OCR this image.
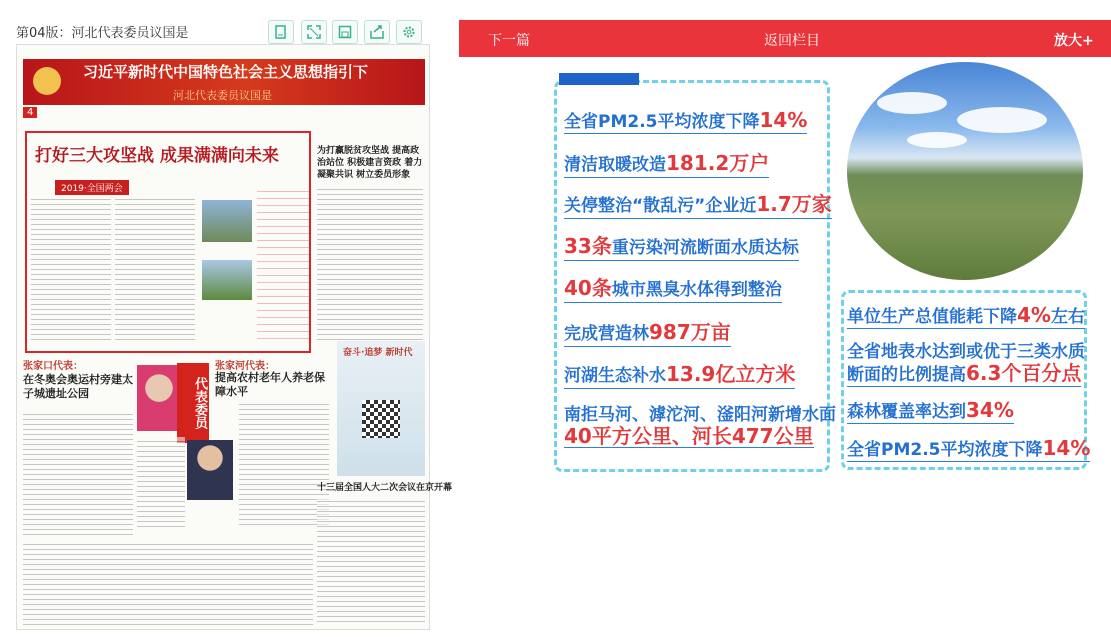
第04版：河北代表委员议国是
习近平新时代中国特色社会主义思想指引下
河北代表委员议国是
4
为打赢脱贫攻坚战 提高政治站位 积极建言资政 着力凝聚共识 树立委员形象
打好三大攻坚战 成果满满向未来
2019·全国两会
张家口代表：
在冬奥会奥运村旁建太子城遗址公园	代表委员
张家河代表：
提高农村老年人养老保障水平
奋斗·追梦 新时代
十三届全国人大二次会议在京开幕
下一篇	返回栏目	放大+
全省PM2.5平均浓度下降14%
清洁取暖改造181.2万户
关停整治“散乱污”企业近1.7万家
33条重污染河流断面水质达标
40条城市黑臭水体得到整治
完成营造林987万亩
河湖生态补水13.9亿立方米
南拒马河、滹沱河、滏阳河新增水面
40平方公里、河长477公里
单位生产总值能耗下降4%左右
全省地表水达到或优于三类水质
断面的比例提高6.3个百分点
森林覆盖率达到34%
全省PM2.5平均浓度下降14%
